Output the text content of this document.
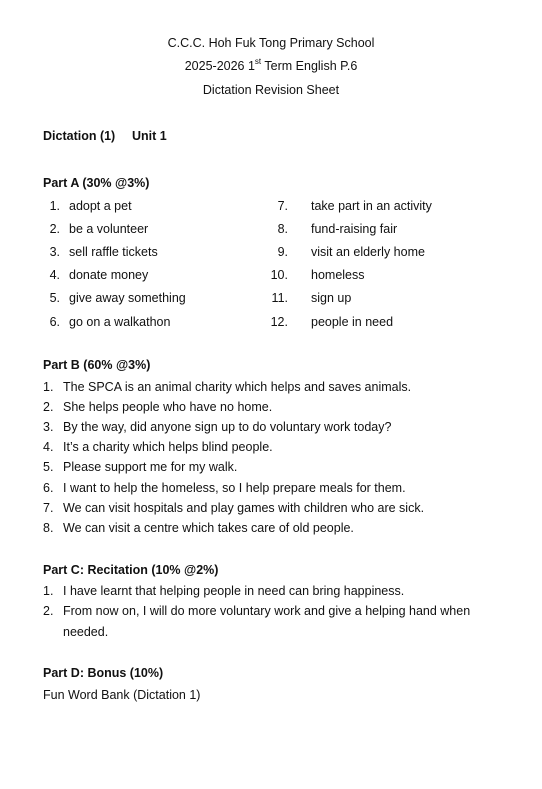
C.C.C. Hoh Fuk Tong Primary School
2025-2026 1st Term English P.6
Dictation Revision Sheet
Dictation (1) Unit 1
Part A (30% @3%)
1. adopt a pet
2. be a volunteer
3. sell raffle tickets
4. donate money
5. give away something
6. go on a walkathon
7. take part in an activity
8. fund-raising fair
9. visit an elderly home
10. homeless
11. sign up
12. people in need
Part B (60% @3%)
1. The SPCA is an animal charity which helps and saves animals.
2. She helps people who have no home.
3. By the way, did anyone sign up to do voluntary work today?
4. It’s a charity which helps blind people.
5. Please support me for my walk.
6. I want to help the homeless, so I help prepare meals for them.
7. We can visit hospitals and play games with children who are sick.
8. We can visit a centre which takes care of old people.
Part C: Recitation (10% @2%)
1. I have learnt that helping people in need can bring happiness.
2. From now on, I will do more voluntary work and give a helping hand when
needed.
Part D: Bonus (10%)
Fun Word Bank (Dictation 1)
